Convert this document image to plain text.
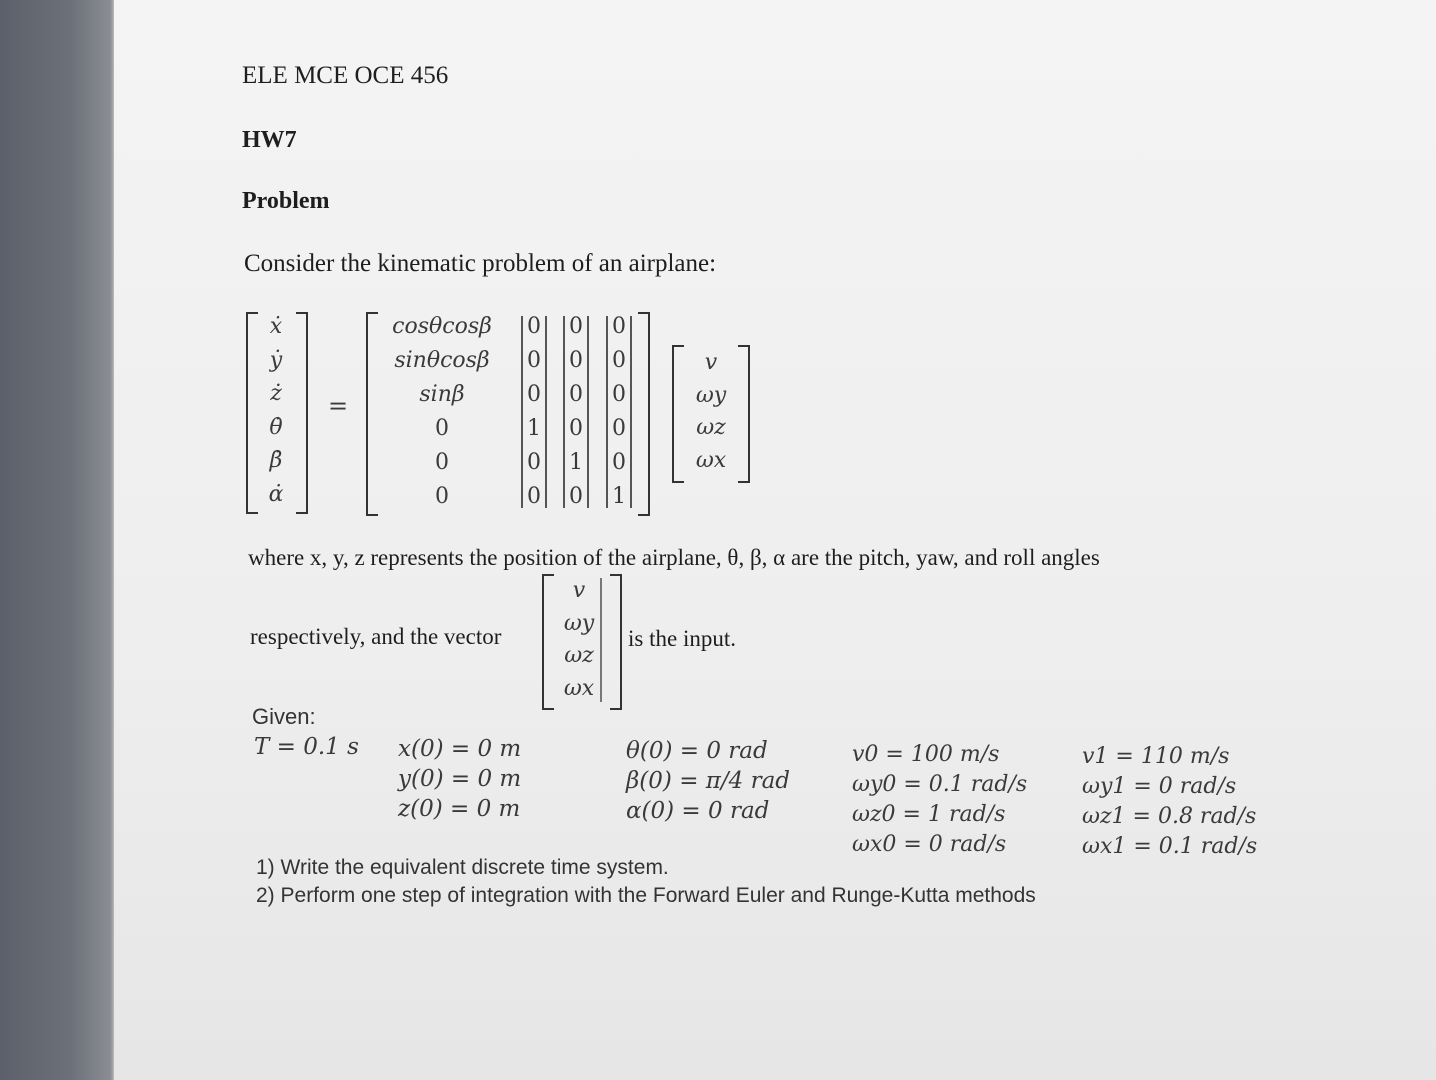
ELE MCE OCE 456
HW7
Problem
Consider the kinematic problem of an airplane:
ẋ
ẏ
ż
θ̇
β̇
α̇
=
cosθcosβ
sinθcosβ
sinβ
0
0
0
0
0
0
1
0
0
0
0
0
0
1
0
0
0
0
0
0
1
v
ωy
ωz
ωx
where x, y, z represents the position of the airplane, θ, β, α are the pitch, yaw, and roll angles
respectively, and the vector
v
ωy
ωz
ωx
is the input.
Given:
T = 0.1 s x(0) = 0 m
y(0) = 0 m
z(0) = 0 m
θ(0) = 0 rad
β(0) = π/4 rad
α(0) = 0 rad
v0 = 100 m/s
ωy0 = 0.1 rad/s
ωz0 = 1 rad/s
ωx0 = 0 rad/s
v1 = 110 m/s
ωy1 = 0 rad/s
ωz1 = 0.8 rad/s
ωx1 = 0.1 rad/s
1) Write the equivalent discrete time system.
2) Perform one step of integration with the Forward Euler and Runge-Kutta methods
